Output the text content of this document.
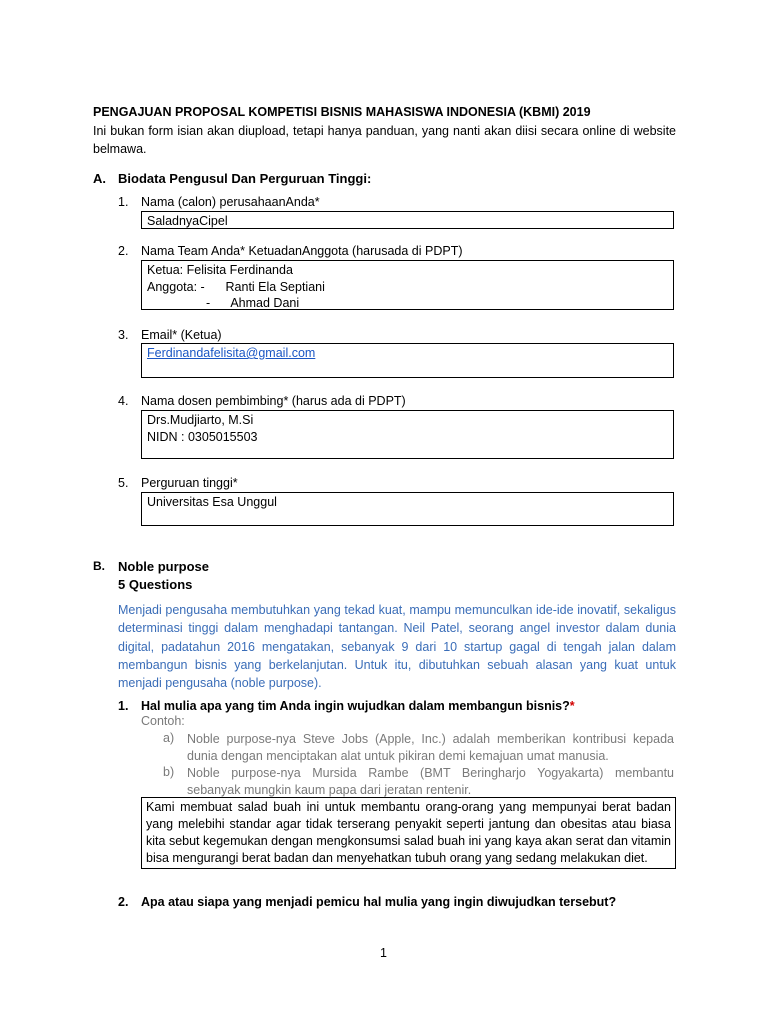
PENGAJUAN PROPOSAL KOMPETISI BISNIS MAHASISWA INDONESIA (KBMI) 2019
Ini bukan form isian akan diupload, tetapi hanya panduan, yang nanti akan diisi secara online di website belmawa.
A. Biodata Pengusul Dan Perguruan Tinggi:
1. Nama (calon) perusahaanAnda*
SaladnyaCipel
2. Nama Team Anda* KetuadanAnggota (harusada di PDPT)
Ketua: Felisita Ferdinanda
Anggota: -      Ranti Ela Septiani
-      Ahmad Dani
3. Email* (Ketua)
Ferdinandafelisita@gmail.com
4. Nama dosen pembimbing* (harus ada di PDPT)
Drs.Mudjiarto, M.Si
NIDN : 0305015503
5. Perguruan tinggi*
Universitas Esa Unggul
B. Noble purpose
5 Questions
Menjadi pengusaha membutuhkan yang tekad kuat, mampu memunculkan ide-ide inovatif, sekaligus determinasi tinggi dalam menghadapi tantangan. Neil Patel, seorang angel investor dalam dunia digital, padatahun 2016 mengatakan, sebanyak 9 dari 10 startup gagal di tengah jalan dalam membangun bisnis yang berkelanjutan. Untuk itu, dibutuhkan sebuah alasan yang kuat untuk menjadi pengusaha (noble purpose).
1. Hal mulia apa yang tim Anda ingin wujudkan dalam membangun bisnis?*
Contoh:
a) Noble purpose-nya Steve Jobs (Apple, Inc.) adalah memberikan kontribusi kepada dunia dengan menciptakan alat untuk pikiran demi kemajuan umat manusia.
b) Noble purpose-nya Mursida Rambe (BMT Beringharjo Yogyakarta) membantu sebanyak mungkin kaum papa dari jeratan rentenir.
Kami membuat salad buah ini untuk membantu orang-orang yang mempunyai berat badan yang melebihi standar agar tidak terserang penyakit seperti jantung dan obesitas atau biasa kita sebut kegemukan dengan mengkonsumsi salad buah ini yang kaya akan serat dan vitamin bisa mengurangi berat badan dan menyehatkan tubuh orang yang sedang melakukan diet.
2. Apa atau siapa yang menjadi pemicu hal mulia yang ingin diwujudkan tersebut?
1
